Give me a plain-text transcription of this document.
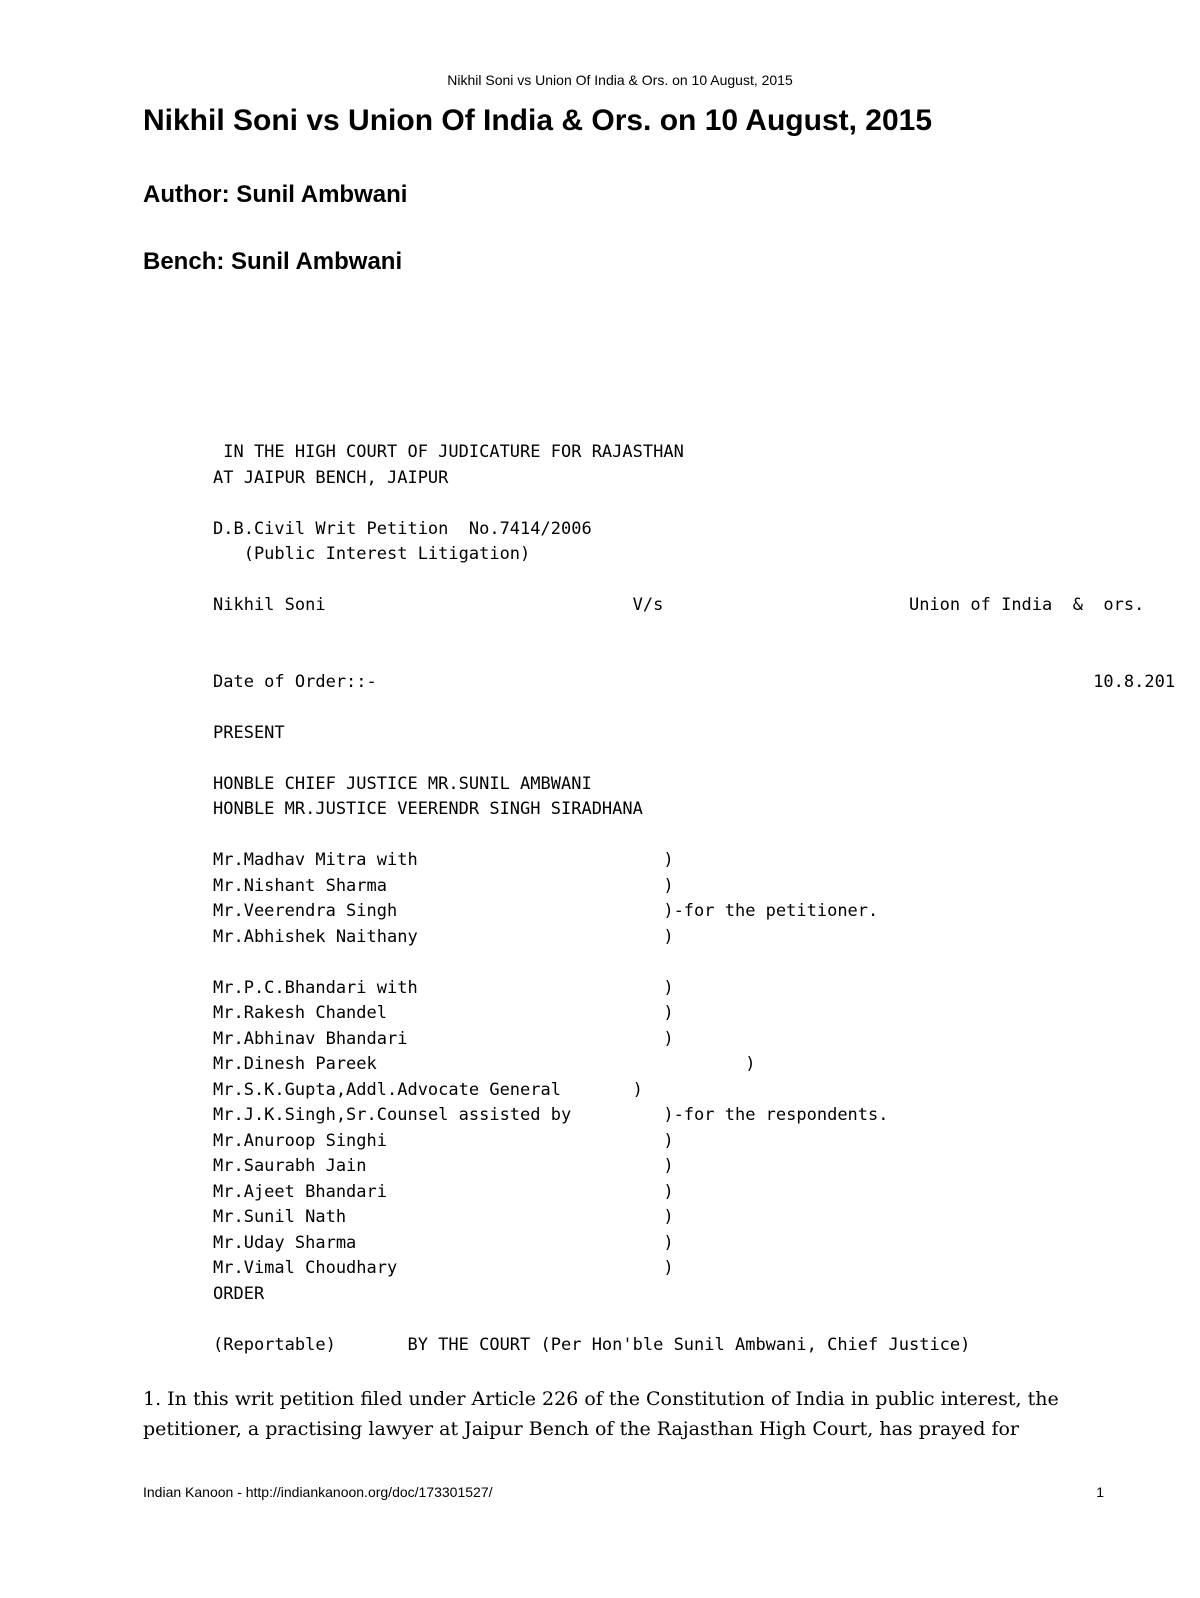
Nikhil Soni vs Union Of India & Ors. on 10 August, 2015
Nikhil Soni vs Union Of India & Ors. on 10 August, 2015
Author: Sunil Ambwani
Bench: Sunil Ambwani
IN THE HIGH COURT OF JUDICATURE FOR RAJASTHAN
AT JAIPUR BENCH, JAIPUR
D.B.Civil Writ Petition  No.7414/2006
(Public Interest Litigation)
Nikhil Soni                              V/s                        Union of India  &  ors.
Date of Order::-                                                                      10.8.201
PRESENT
HONBLE CHIEF JUSTICE MR.SUNIL AMBWANI
HONBLE MR.JUSTICE VEERENDR SINGH SIRADHANA
Mr.Madhav Mitra with                        )
Mr.Nishant Sharma                           )
Mr.Veerendra Singh                          )-for the petitioner.
Mr.Abhishek Naithany                        )
Mr.P.C.Bhandari with                        )
Mr.Rakesh Chandel                           )
Mr.Abhinav Bhandari                         )
Mr.Dinesh Pareek                                    )
Mr.S.K.Gupta,Addl.Advocate General       )
Mr.J.K.Singh,Sr.Counsel assisted by         )-for the respondents.
Mr.Anuroop Singhi                           )
Mr.Saurabh Jain                             )
Mr.Ajeet Bhandari                           )
Mr.Sunil Nath                               )
Mr.Uday Sharma                              )
Mr.Vimal Choudhary                          )
ORDER
(Reportable)       BY THE COURT (Per Hon'ble Sunil Ambwani, Chief Justice)

1. In this writ petition filed under Article 226 of the Constitution of India in public interest, the petitioner, a practising lawyer at Jaipur Bench of the Rajasthan High Court, has prayed for

Indian Kanoon - http://indiankanoon.org/doc/173301527/	1
